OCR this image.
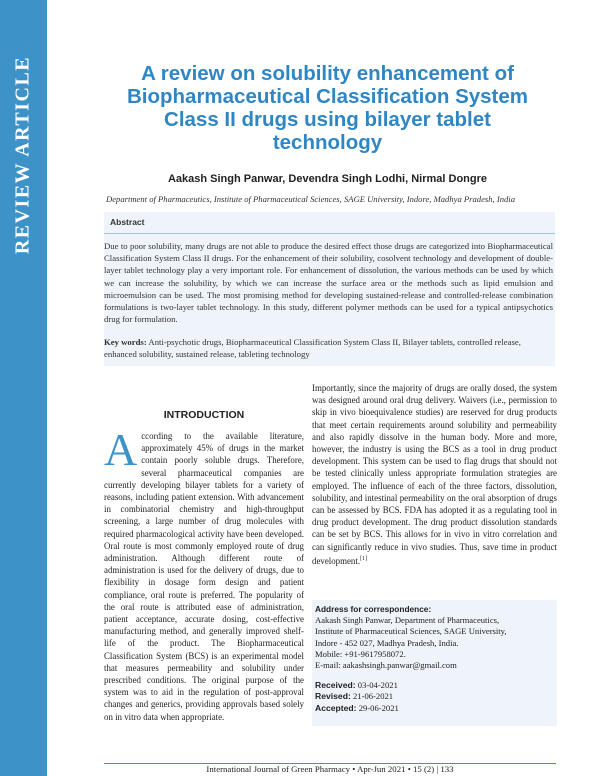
REVIEW ARTICLE	A review on solubility enhancement of Biopharmaceutical Classification System Class II drugs using bilayer tablet technology
Aakash Singh Panwar, Devendra Singh Lodhi, Nirmal Dongre
Department of Pharmaceutics, Institute of Pharmaceutical Sciences, SAGE University, Indore, Madhya Pradesh, India
Abstract

Due to poor solubility, many drugs are not able to produce the desired effect those drugs are categorized into Biopharmaceutical Classification System Class II drugs. For the enhancement of their solubility, cosolvent technology and development of double-layer tablet technology play a very important role. For enhancement of dissolution, the various methods can be used by which we can increase the solubility, by which we can increase the surface area or the methods such as lipid emulsion and microemulsion can be used. The most promising method for developing sustained-release and controlled-release combination formulations is two-layer tablet technology. In this study, different polymer methods can be used for a typical antipsychotics drug for formulation.

Key words: Anti-psychotic drugs, Biopharmaceutical Classification System Class II, Bilayer tablets, controlled release, enhanced solubility, sustained release, tableting technology

INTRODUCTION

According to the available literature, approximately 45% of drugs in the market contain poorly soluble drugs. Therefore, several pharmaceutical companies are currently developing bilayer tablets for a variety of reasons, including patient extension. With advancement in combinatorial chemistry and high-throughput screening, a large number of drug molecules with required pharmacological activity have been developed. Oral route is most commonly employed route of drug administration. Although different route of administration is used for the delivery of drugs, due to flexibility in dosage form design and patient compliance, oral route is preferred. The popularity of the oral route is attributed ease of administration, patient acceptance, accurate dosing, cost-effective manufacturing method, and generally improved shelf-life of the product. The Biopharmaceutical Classification System (BCS) is an experimental model that measures permeability and solubility under prescribed conditions. The original purpose of the system was to aid in the regulation of post-approval changes and generics, providing approvals based solely on in vitro data when appropriate.

Importantly, since the majority of drugs are orally dosed, the system was designed around oral drug delivery. Waivers (i.e., permission to skip in vivo bioequivalence studies) are reserved for drug products that meet certain requirements around solubility and permeability and also rapidly dissolve in the human body. More and more, however, the industry is using the BCS as a tool in drug product development. This system can be used to flag drugs that should not be tested clinically unless appropriate formulation strategies are employed. The influence of each of the three factors, dissolution, solubility, and intestinal permeability on the oral absorption of drugs can be assessed by BCS. FDA has adopted it as a regulating tool in drug product development. The drug product dissolution standards can be set by BCS. This allows for in vivo in vitro correlation and can significantly reduce in vivo studies. Thus, save time in product development.[1]

Address for correspondence:
Aakash Singh Panwar, Department of Pharmaceutics,
Institute of Pharmaceutical Sciences, SAGE University,
Indore - 452 027, Madhya Pradesh, India.
Mobile: +91-9617958072.
E-mail: aakashsingh.panwar@gmail.com
Received: 03-04-2021
Revised: 21-06-2021
Accepted: 29-06-2021
International Journal of Green Pharmacy • Apr-Jun 2021 • 15 (2) | 133
